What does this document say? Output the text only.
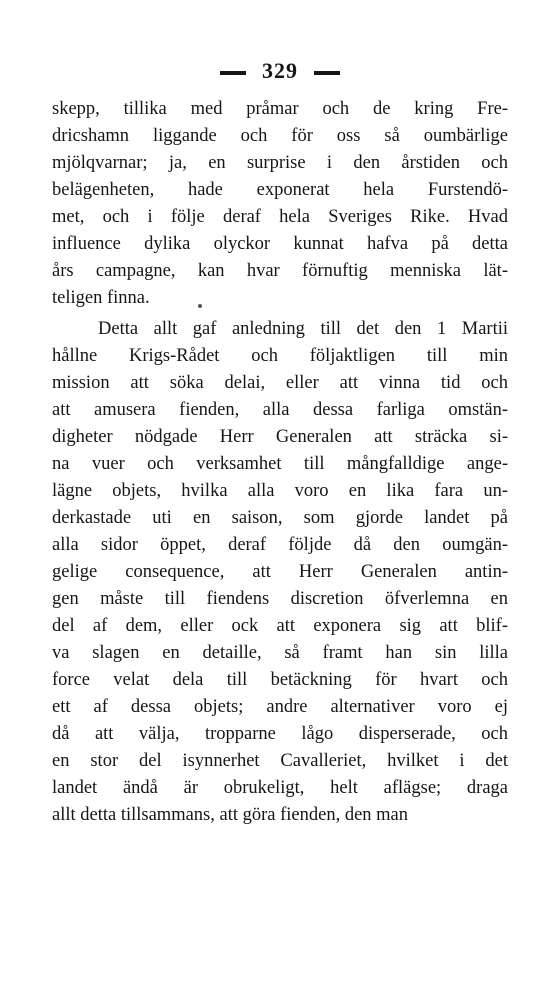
329
skepp, tillika med pråmar och de kring Fre-
dricshamn liggande och för oss så oumbärlige
mjölqvarnar; ja, en surprise i den årstiden och
belägenheten, hade exponerat hela Furstendö-
met, och i följe deraf hela Sveriges Rike. Hvad
influence dylika olyckor kunnat hafva på detta
års campagne, kan hvar förnuftig menniska lät-
teligen finna.
Detta allt gaf anledning till det den 1 Martii
hållne Krigs-Rådet och följaktligen till min
mission att söka delai, eller att vinna tid och
att amusera fienden, alla dessa farliga omstän-
digheter nödgade Herr Generalen att sträcka si-
na vuer och verksamhet till mångfalldige ange-
lägne objets, hvilka alla voro en lika fara un-
derkastade uti en saison, som gjorde landet på
alla sidor öppet, deraf följde då den oumgän-
gelige consequence, att Herr Generalen antin-
gen måste till fiendens discretion öfverlemna en
del af dem, eller ock att exponera sig att blif-
va slagen en detaille, så framt han sin lilla
force velat dela till betäckning för hvart och
ett af dessa objets; andre alternativer voro ej
då att välja, tropparne lågo disperserade, och
en stor del isynnerhet Cavalleriet, hvilket i det
landet ändå är obrukeligt, helt aflägse; draga
allt detta tillsammans, att göra fienden, den man
